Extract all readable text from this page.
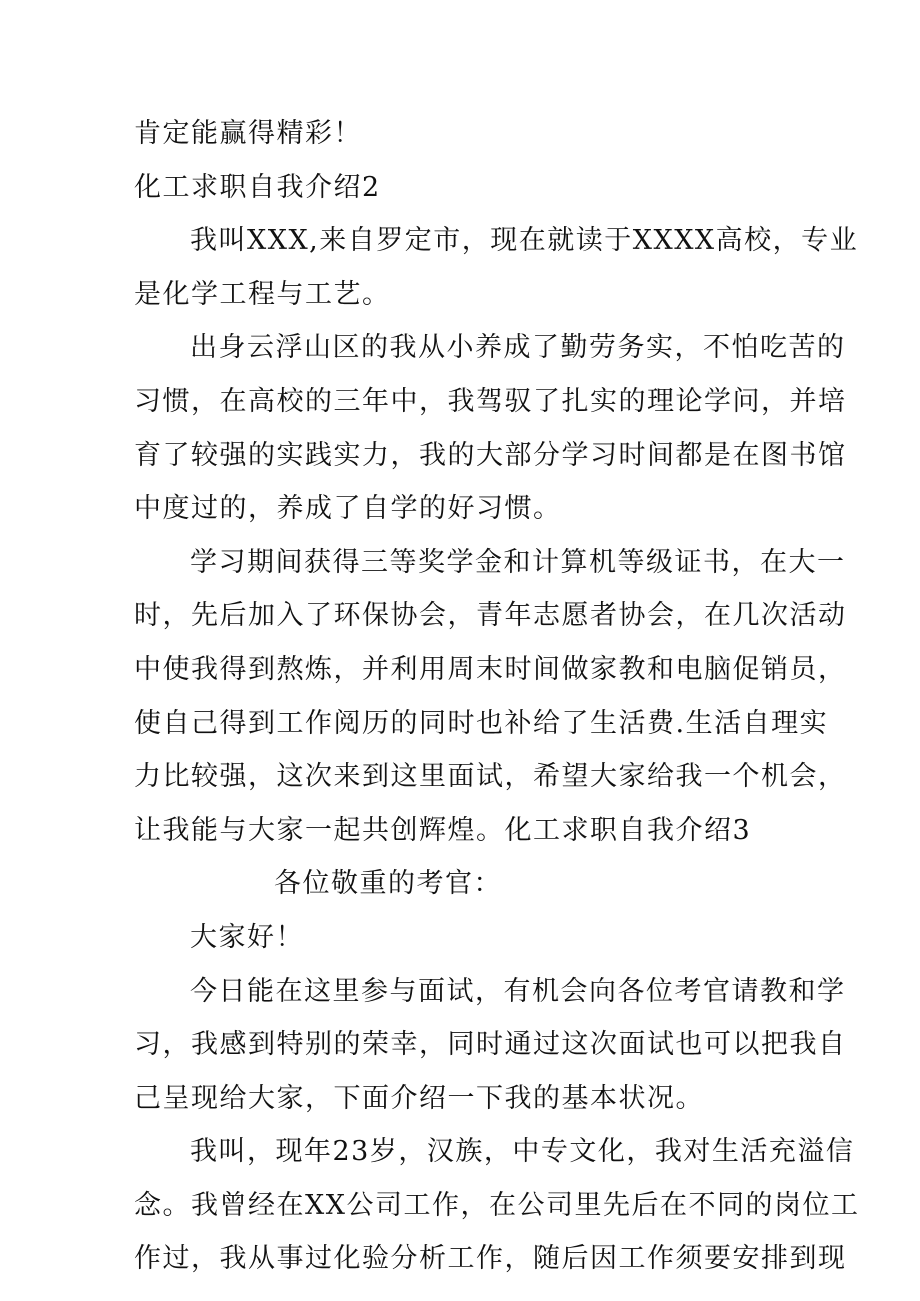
肯定能赢得精彩！
化工求职自我介绍2
我叫XXX,来自罗定市，现在就读于XXXX高校，专业
是化学工程与工艺。
出身云浮山区的我从小养成了勤劳务实，不怕吃苦的
习惯，在高校的三年中，我驾驭了扎实的理论学问，并培
育了较强的实践实力，我的大部分学习时间都是在图书馆
中度过的，养成了自学的好习惯。
学习期间获得三等奖学金和计算机等级证书，在大一
时，先后加入了环保协会，青年志愿者协会，在几次活动
中使我得到熬炼，并利用周末时间做家教和电脑促销员，
使自己得到工作阅历的同时也补给了生活费.生活自理实
力比较强，这次来到这里面试，希望大家给我一个机会，
让我能与大家一起共创辉煌。化工求职自我介绍3
各位敬重的考官：
大家好！
今日能在这里参与面试，有机会向各位考官请教和学
习，我感到特别的荣幸，同时通过这次面试也可以把我自
己呈现给大家，下面介绍一下我的基本状况。
我叫，现年23岁，汉族，中专文化，我对生活充溢信
念。我曾经在XX公司工作，在公司里先后在不同的岗位工
作过，我从事过化验分析工作，随后因工作须要安排到现
